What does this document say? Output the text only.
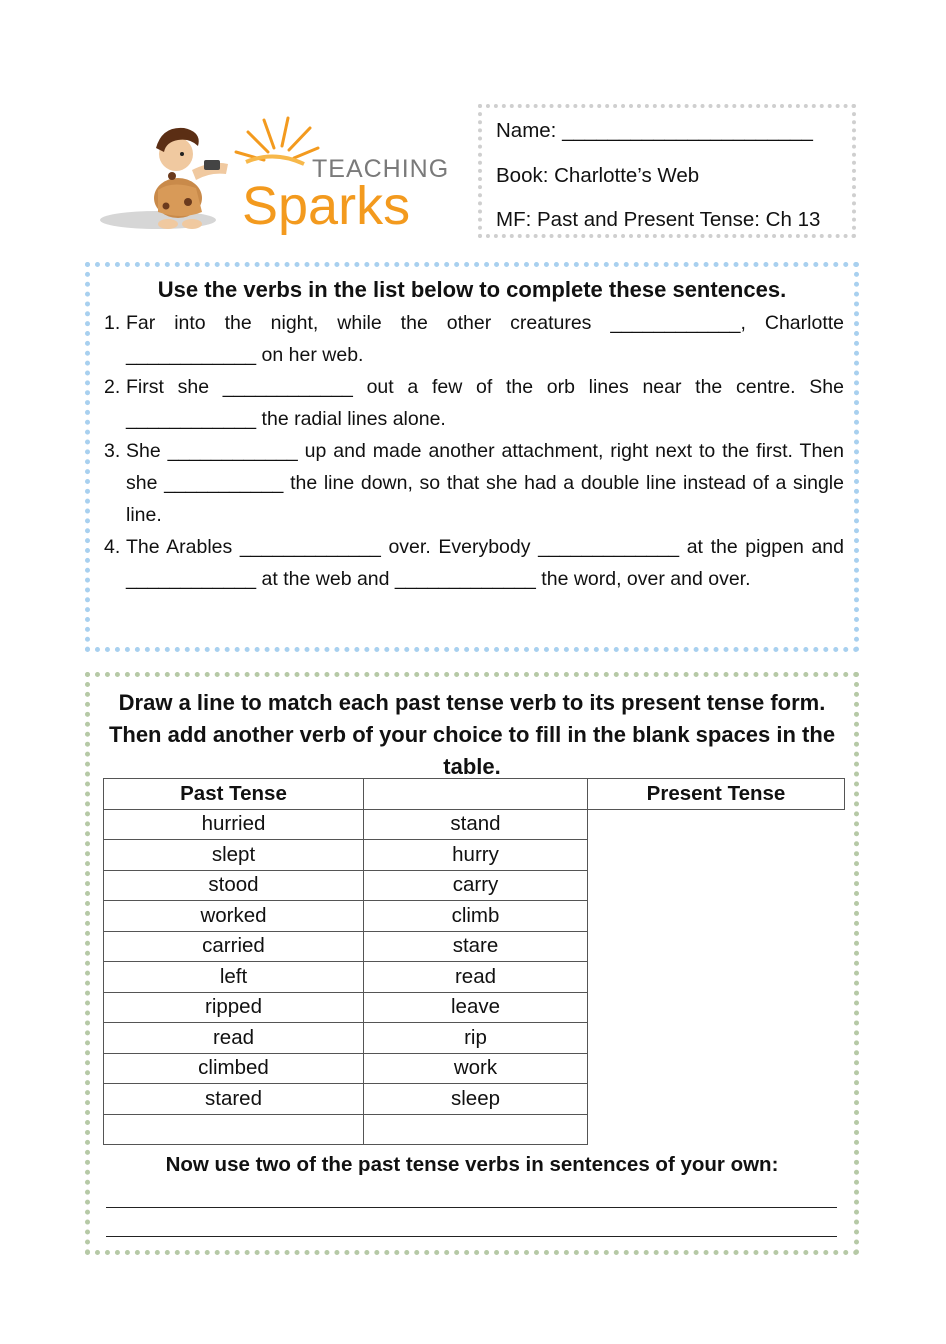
TEACHING
Sparks
Name: ______________________
Book: Charlotte’s Web
MF: Past and Present Tense: Ch 13
Use the verbs in the list below to complete these sentences.
1. Far into the night, while the other creatures ____________, Charlotte ____________ on her web.
2. First she ____________ out a few of the orb lines near the centre. She ____________ the radial lines alone.
3. She ____________ up and made another attachment, right next to the first. Then she ___________ the line down, so that she had a double line instead of a single line.
4. The Arables _____________ over. Everybody _____________ at the pigpen and ____________ at the web and _____________ the word, over and over.
Draw a line to match each past tense verb to its present tense form. Then add another verb of your choice to fill in the blank spaces in the table.
Past Tense		Present Tense
hurried	stand	
slept	hurry	
stood	carry	
worked	climb	
carried	stare	
left	read	
ripped	leave	
read	rip	
climbed	work	
stared	sleep	

Now use two of the past tense verbs in sentences of your own:
